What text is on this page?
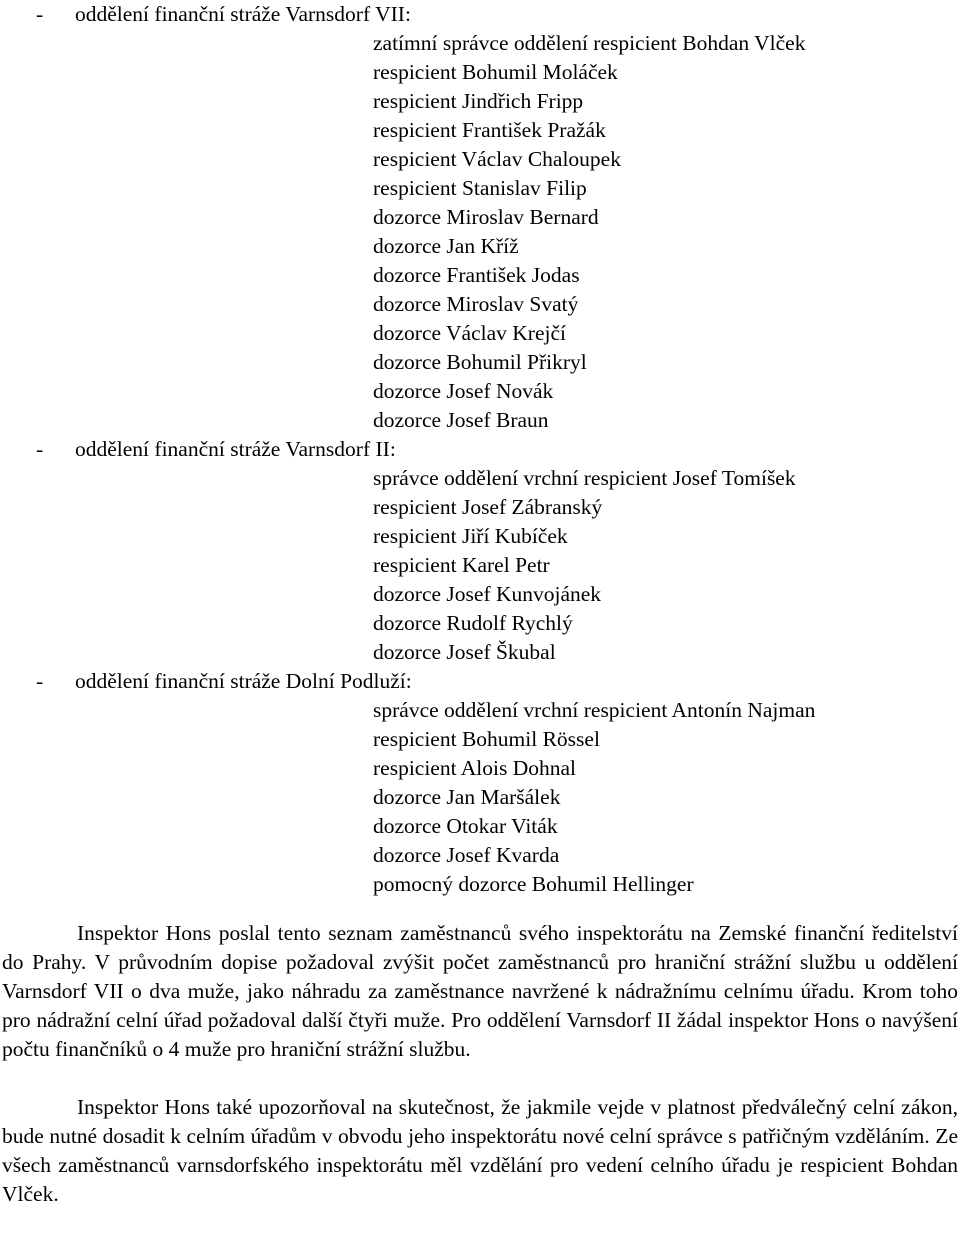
- oddělení finanční stráže Varnsdorf VII:
zatímní správce oddělení respicient Bohdan Vlček
respicient Bohumil Moláček
respicient Jindřich Fripp
respicient František Pražák
respicient Václav Chaloupek
respicient Stanislav Filip
dozorce Miroslav Bernard
dozorce Jan Kříž
dozorce František Jodas
dozorce Miroslav Svatý
dozorce Václav Krejčí
dozorce Bohumil Přikryl
dozorce Josef Novák
dozorce Josef Braun
- oddělení finanční stráže Varnsdorf II:
správce oddělení vrchní respicient Josef Tomíšek
respicient Josef Zábranský
respicient Jiří Kubíček
respicient Karel Petr
dozorce Josef Kunvojánek
dozorce Rudolf Rychlý
dozorce Josef Škubal
- oddělení finanční stráže Dolní Podluží:
správce oddělení vrchní respicient Antonín Najman
respicient Bohumil Rössel
respicient Alois Dohnal
dozorce Jan Maršálek
dozorce Otokar Viták
dozorce Josef Kvarda
pomocný dozorce Bohumil Hellinger

Inspektor Hons poslal tento seznam zaměstnanců svého inspektorátu na Zemské finanční ředitelství do Prahy. V průvodním dopise požadoval zvýšit počet zaměstnanců pro hraniční strážní službu u oddělení Varnsdorf VII o dva muže, jako náhradu za zaměstnance navržené k nádražnímu celnímu úřadu. Krom toho pro nádražní celní úřad požadoval další čtyři muže. Pro oddělení Varnsdorf II žádal inspektor Hons o navýšení počtu finančníků o 4 muže pro hraniční strážní službu.

Inspektor Hons také upozorňoval na skutečnost, že jakmile vejde v platnost předválečný celní zákon, bude nutné dosadit k celním úřadům v obvodu jeho inspektorátu nové celní správce s patřičným vzděláním. Ze všech zaměstnanců varnsdorfského inspektorátu měl vzdělání pro vedení celního úřadu je respicient Bohdan Vlček.
